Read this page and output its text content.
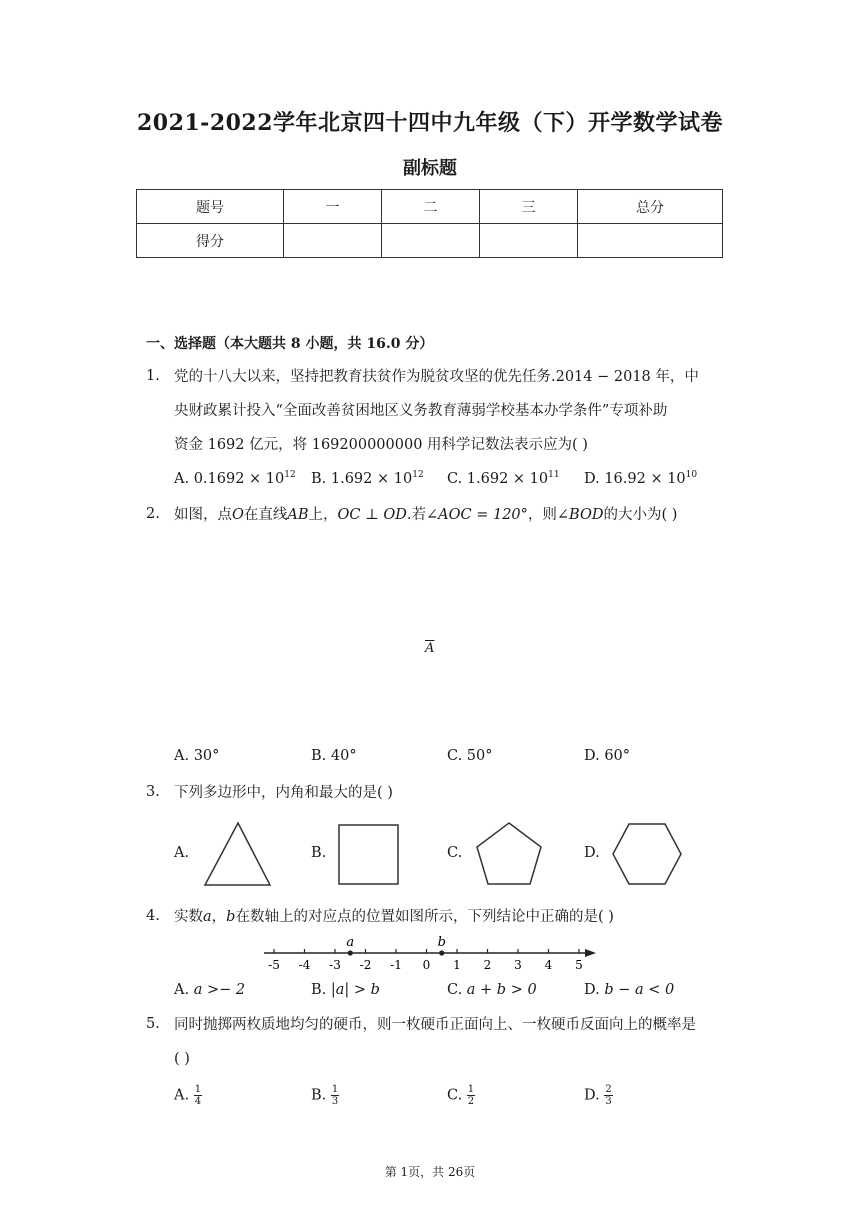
2021-2022学年北京四十四中九年级（下）开学数学试卷
副标题
题号	一	二	三	总分
得分				
一、选择题（本大题共 8 小题，共 16.0 分）
1. 党的十八大以来，坚持把教育扶贫作为脱贫攻坚的优先任务.2014 − 2018 年，中
央财政累计投入“全面改善贫困地区义务教育薄弱学校基本办学条件”专项补助
资金 1692 亿元，将 169200000000 用科学记数法表示应为( )
A. $0.1692 \times 10^{12}$ B. $1.692 \times 10^{12}$ C. $1.692 \times 10^{11}$ D. $16.92 \times 10^{10}$
2. 如图，点O在直线AB上，OC ⊥ OD.若∠AOC = 120°，则∠BOD的大小为( )
$\overline{A}$
A. 30°	B. 40°	C. 50°	D. 60°
3. 下列多边形中，内角和最大的是( )
A.	B.	C.	D.
4. 实数a，b在数轴上的对应点的位置如图所示，下列结论中正确的是( )
-5 -4 -3 -2 -1 0 1 2 3 4 5
a	b
A. a >− 2	B. |a| > b	C. a + b > 0	D. b − a < 0
5. 同时抛掷两枚质地均匀的硬币，则一枚硬币正面向上、一枚硬币反面向上的概率是
( )
A. $\frac{1}{4}$	B. $\frac{1}{3}$	C. $\frac{1}{2}$	D. $\frac{2}{3}$
第 1页，共 26页
